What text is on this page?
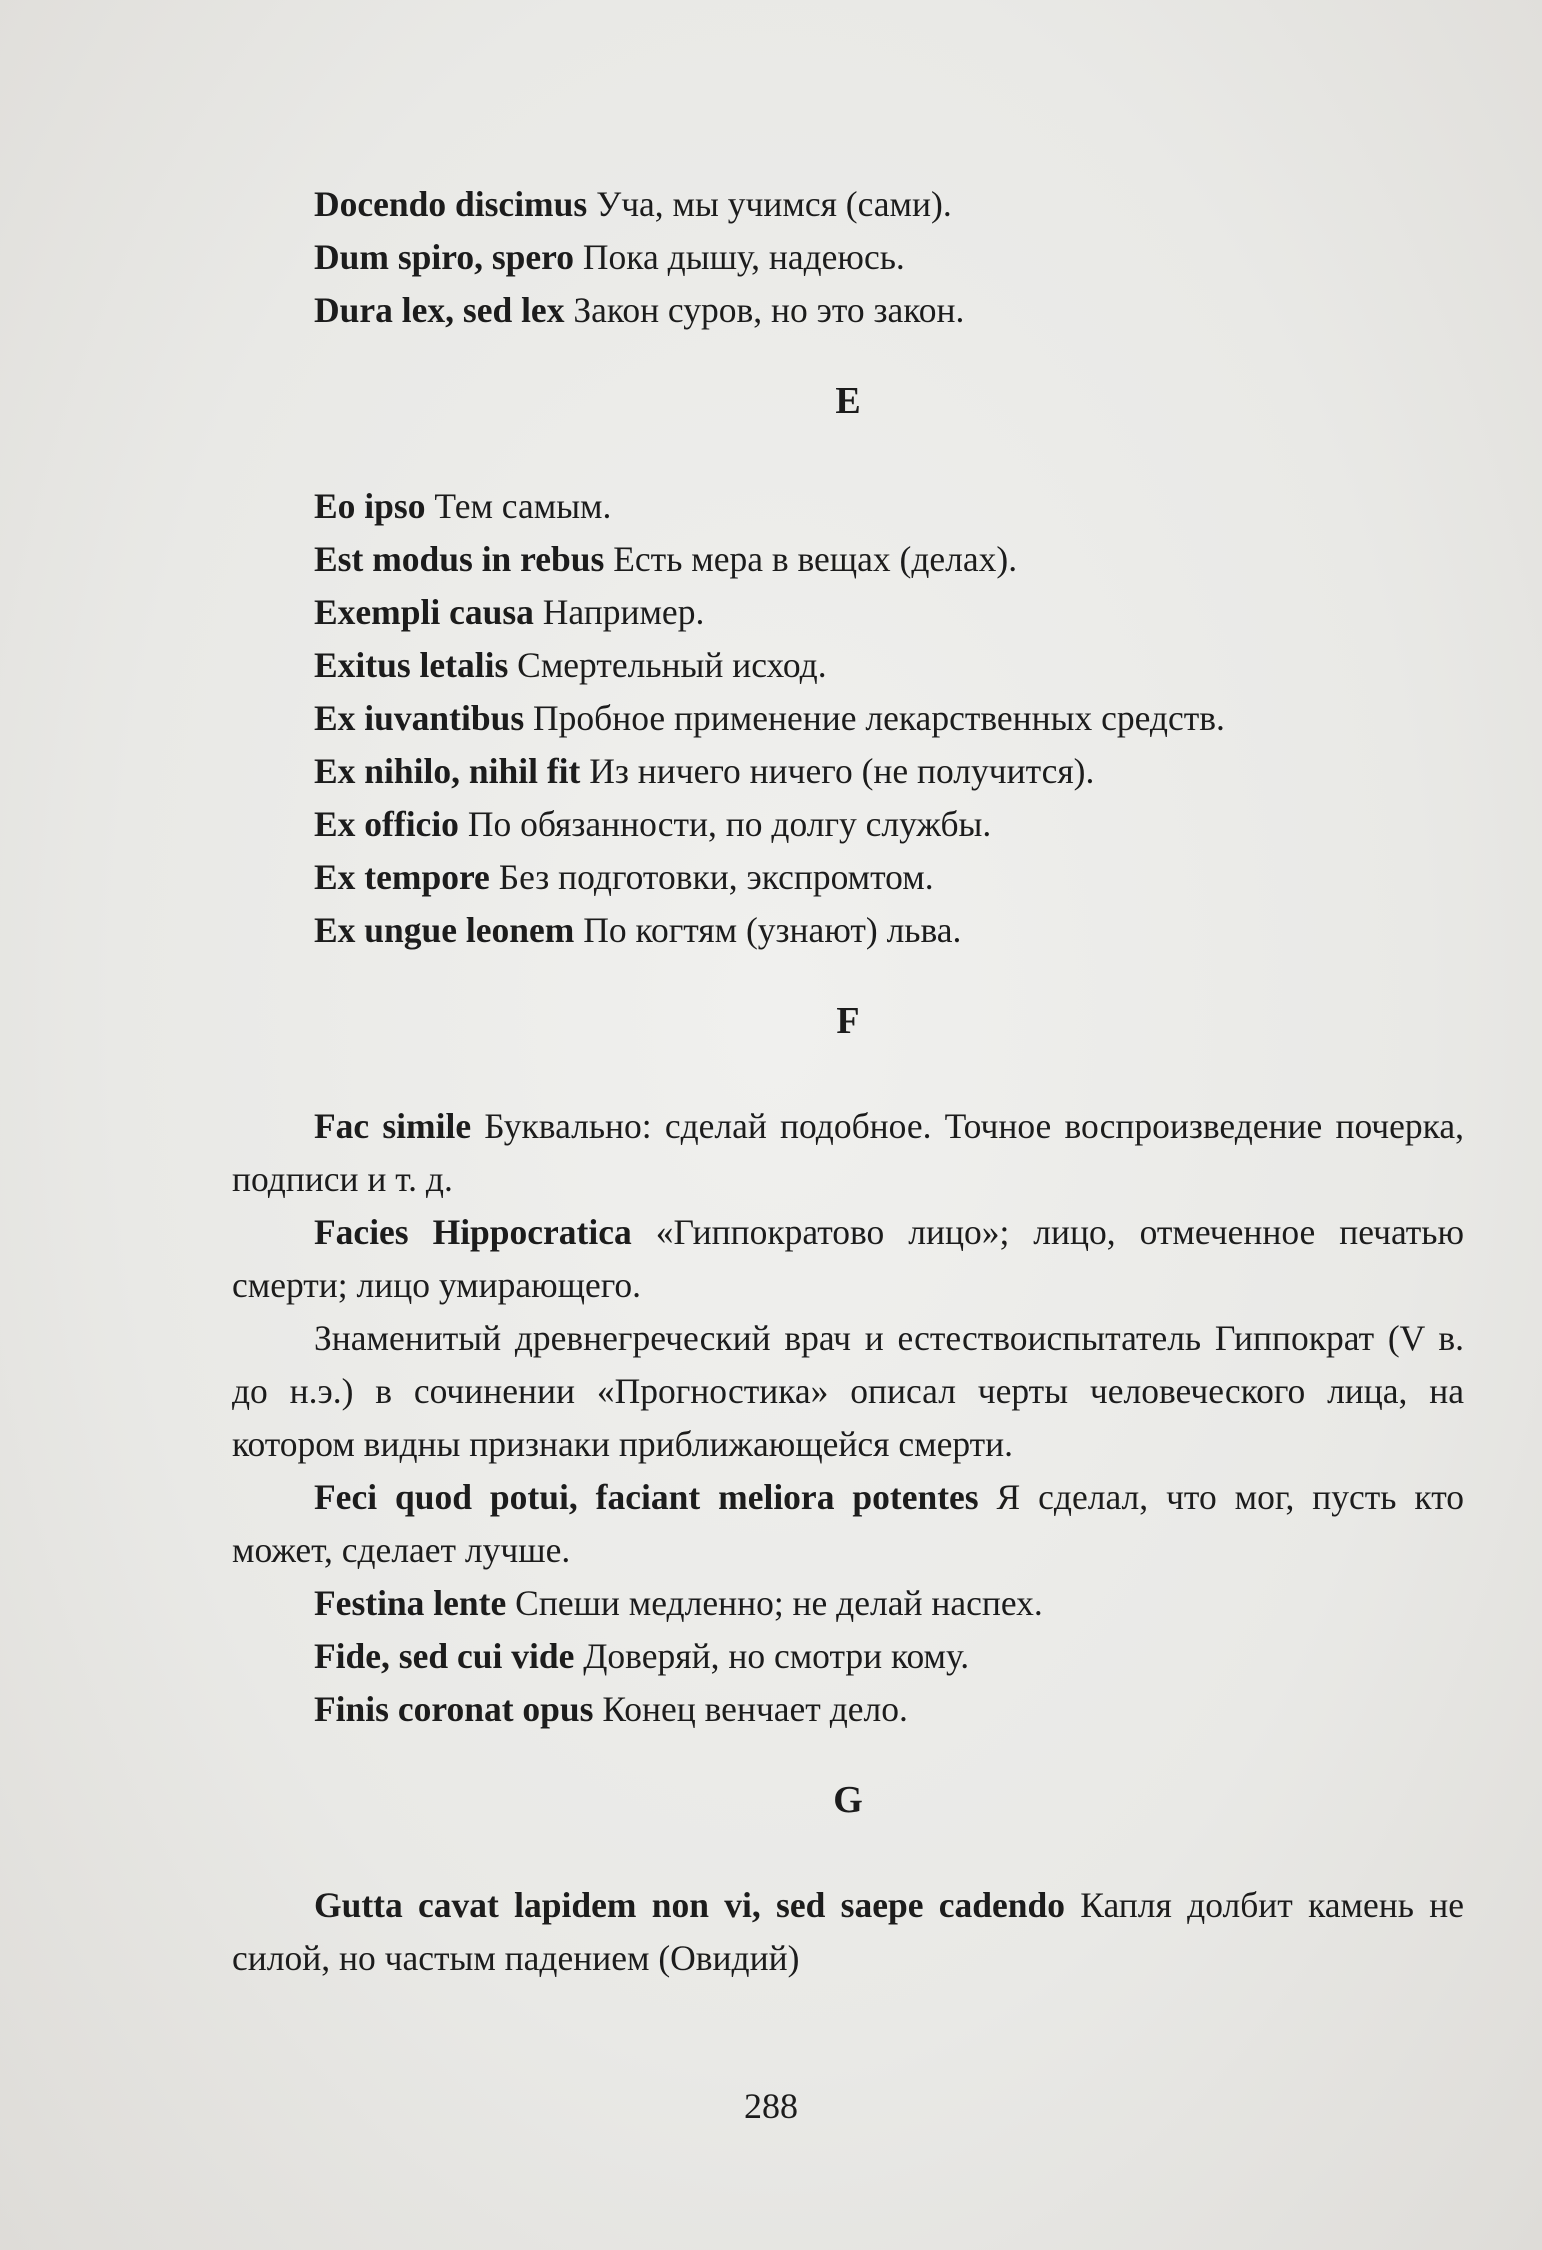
Docendo discimus Уча, мы учимся (сами).

Dum spiro, spero Пока дышу, надеюсь.

Dura lex, sed lex Закон суров, но это закон.

E

Eo ipso Тем самым.

Est modus in rebus Есть мера в вещах (делах).

Exempli causa Например.

Exitus letalis Смертельный исход.

Ex iuvantibus Пробное применение лекарственных средств.

Ex nihilo, nihil fit Из ничего ничего (не получится).

Ex officio По обязанности, по долгу службы.

Ex tempore Без подготовки, экспромтом.

Ex ungue leonem По когтям (узнают) льва.

F

Fac simile Буквально: сделай подобное. Точное воспроизведение почерка, подписи и т. д.

Facies Hippocratica «Гиппократово лицо»; лицо, отмеченное печатью смерти; лицо умирающего.

Знаменитый древнегреческий врач и естествоиспытатель Гиппократ (V в. до н.э.) в сочинении «Прогностика» описал черты человеческого лица, на котором видны признаки приближающейся смерти.

Feci quod potui, faciant meliora potentes Я сделал, что мог, пусть кто может, сделает лучше.

Festina lente Спеши медленно; не делай наспех.

Fide, sed cui vide Доверяй, но смотри кому.

Finis coronat opus Конец венчает дело.

G

Gutta cavat lapidem non vi, sed saepe cadendo Капля долбит камень не силой, но частым падением (Овидий)

288
